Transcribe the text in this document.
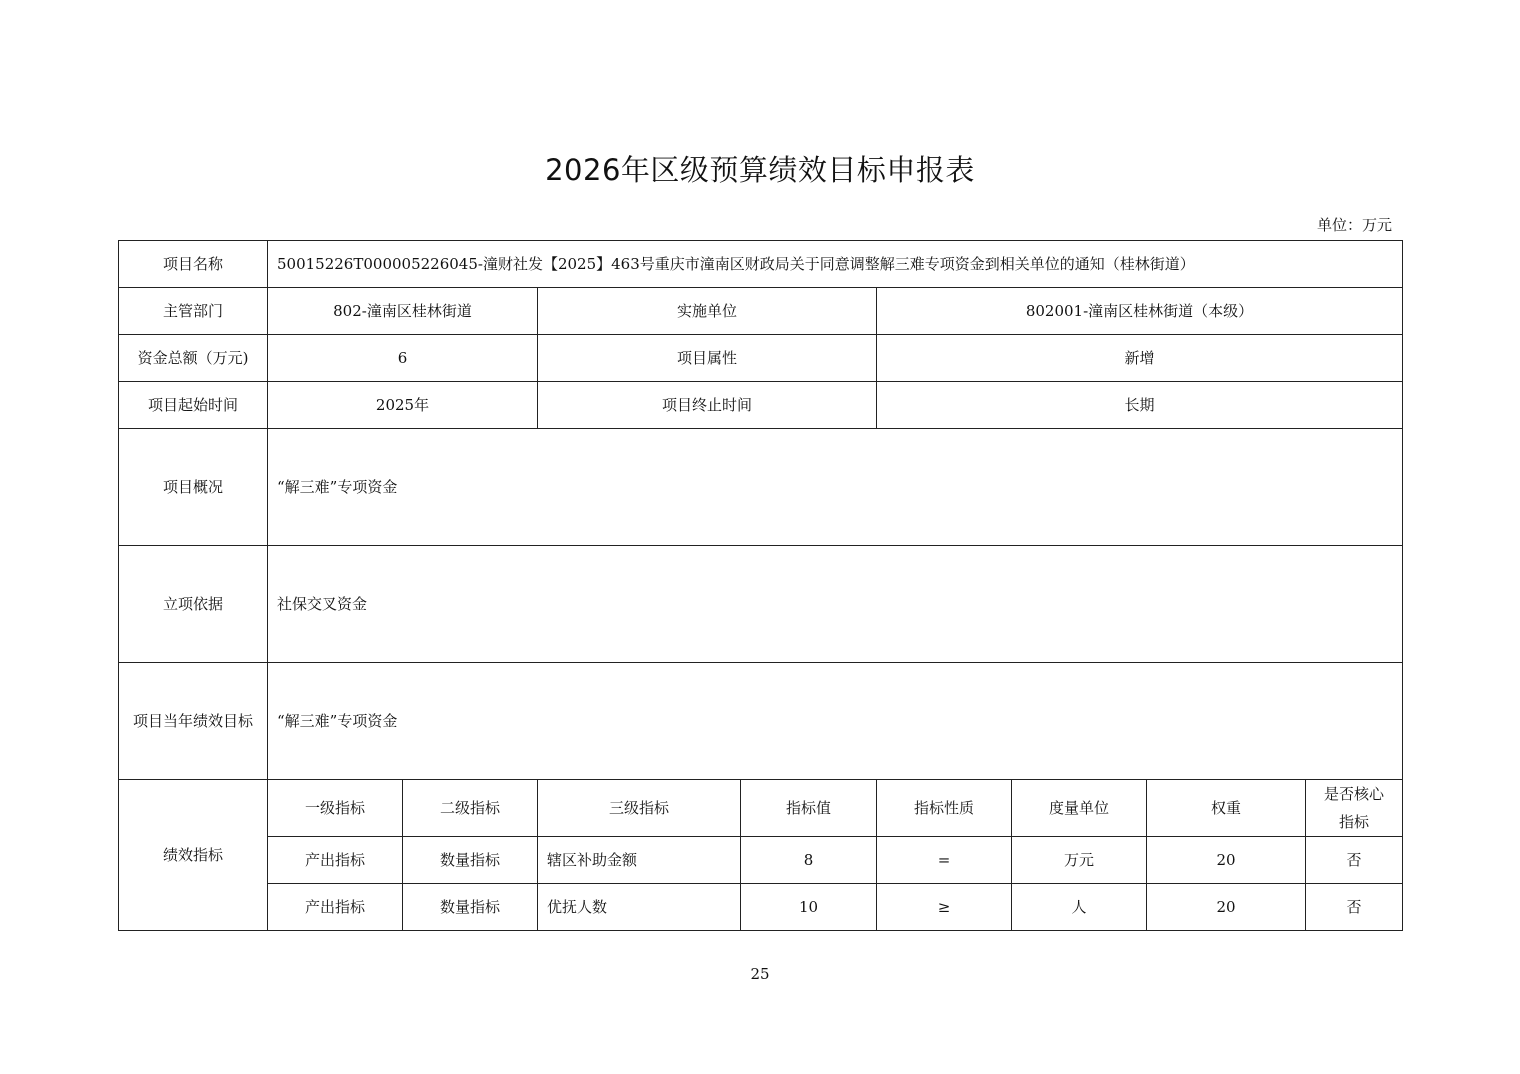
2026年区级预算绩效目标申报表
单位：万元
项目名称	50015226T000005226045-潼财社发【2025】463号重庆市潼南区财政局关于同意调整解三难专项资金到相关单位的通知（桂林街道）							
主管部门	802-潼南区桂林街道		实施单位		802001-潼南区桂林街道（本级）			
资金总额（万元)	6		项目属性		新增			
项目起始时间	2025年		项目终止时间		长期			
项目概况	“解三难”专项资金							
立项依据	社保交叉资金							
项目当年绩效目标	“解三难”专项资金							
绩效指标	一级指标	二级指标	三级指标	指标值	指标性质	度量单位	权重	是否核心指标
	产出指标	数量指标	辖区补助金额	8	=	万元	20	否
	产出指标	数量指标	优抚人数	10	≥	人	20	否
25
